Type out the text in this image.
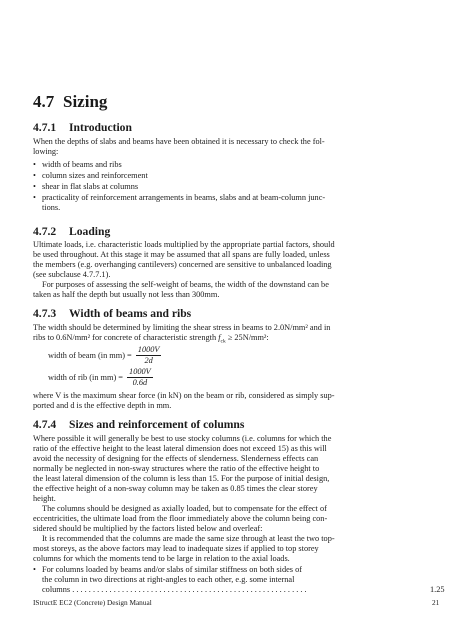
4.7 Sizing
4.7.1 Introduction
When the depths of slabs and beams have been obtained it is necessary to check the fol-
lowing:
• width of beams and ribs
• column sizes and reinforcement
• shear in flat slabs at columns
• practicality of reinforcement arrangements in beams, slabs and at beam-column junc-
tions.
4.7.2 Loading
Ultimate loads, i.e. characteristic loads multiplied by the appropriate partial factors, should
be used throughout. At this stage it may be assumed that all spans are fully loaded, unless
the members (e.g. overhanging cantilevers) concerned are sensitive to unbalanced loading
(see subclause 4.7.7.1).
For purposes of assessing the self-weight of beams, the width of the downstand can be
taken as half the depth but usually not less than 300mm.
4.7.3 Width of beams and ribs
The width should be determined by limiting the shear stress in beams to 2.0N/mm² and in
ribs to 0.6N/mm² for concrete of characteristic strength $f_{ck} \ge 25N/mm^2$:
width of beam (in $mm) = \frac{1000V}{2d}$
width of rib (in $mm) = \frac{1000V}{0.6d}$
where V is the maximum shear force (in kN) on the beam or rib, considered as simply sup-
ported and d is the effective depth in mm.
4.7.4 Sizes and reinforcement of columns
Where possible it will generally be best to use stocky columns (i.e. columns for which the
ratio of the effective height to the least lateral dimension does not exceed 15) as this will
avoid the necessity of designing for the effects of slenderness. Slenderness effects can
normally be neglected in non-sway structures where the ratio of the effective height to
the least lateral dimension of the column is less than 15. For the purpose of initial design,
the effective height of a non-sway column may be taken as 0.85 times the clear storey
height.
The columns should be designed as axially loaded, but to compensate for the effect of
eccentricities, the ultimate load from the floor immediately above the column being con-
sidered should be multiplied by the factors listed below and overleaf:
It is recommended that the columns are made the same size through at least the two top-
most storeys, as the above factors may lead to inadequate sizes if applied to top storey
columns for which the moments tend to be large in relation to the axial loads.
• For columns loaded by beams and/or slabs of similar stiffness on both sides of
the column in two directions at right-angles to each other, e.g. some internal
columns . . . . . . . . . . . . . . . . . . . . . . . . . . . . . . . . . . . . . . . . . . . . . . . . . . . . . . . . .	1.25
IStructE EC2 (Concrete) Design Manual	21
